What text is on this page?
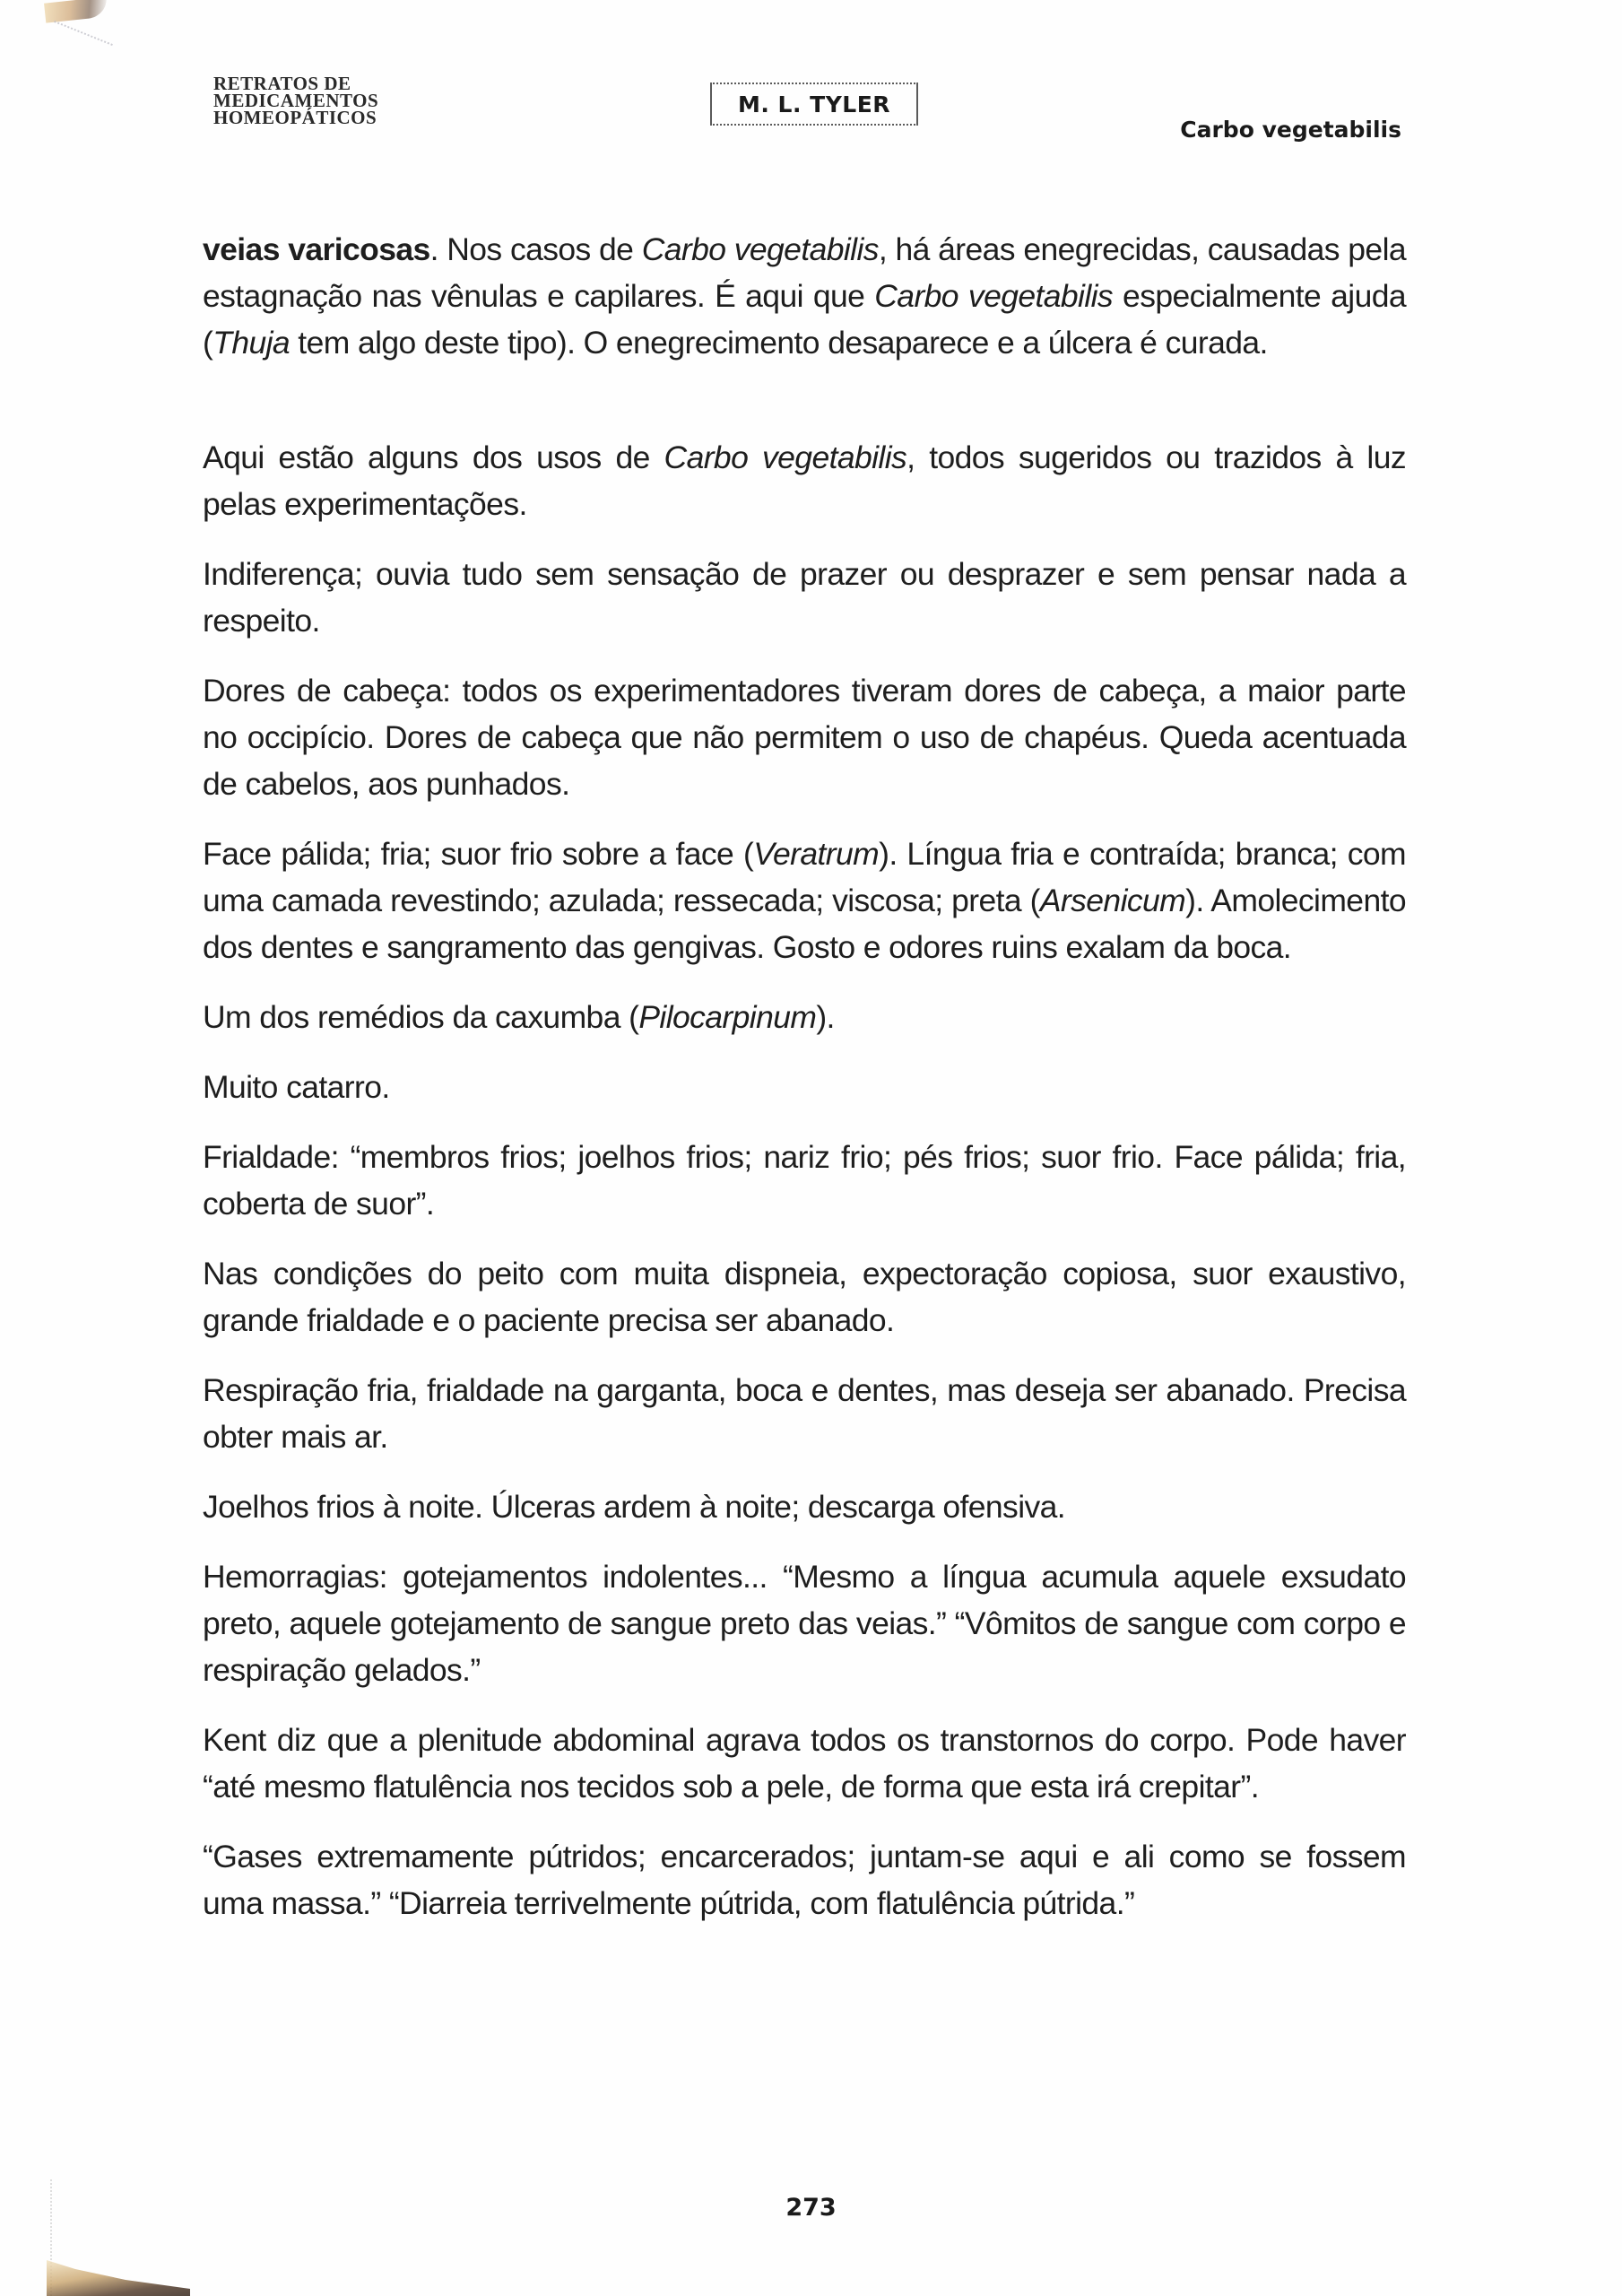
RETRATOS DE
MEDICAMENTOS
HOMEOPÁTICOS
M. L. TYLER
Carbo vegetabilis

veias varicosas. Nos casos de Carbo vegetabilis, há áreas enegrecidas, causadas pela estagnação nas vênulas e capilares. É aqui que Carbo vegetabilis especialmente ajuda (Thuja tem algo deste tipo). O enegrecimento desaparece e a úlcera é curada.

Aqui estão alguns dos usos de Carbo vegetabilis, todos sugeridos ou trazidos à luz pelas experimentações.

Indiferença; ouvia tudo sem sensação de prazer ou desprazer e sem pensar nada a respeito.

Dores de cabeça: todos os experimentadores tiveram dores de cabeça, a maior parte no occipício. Dores de cabeça que não permitem o uso de chapéus. Queda acentuada de cabelos, aos punhados.

Face pálida; fria; suor frio sobre a face (Veratrum). Língua fria e contraída; branca; com uma camada revestindo; azulada; ressecada; viscosa; preta (Arsenicum). Amolecimento dos dentes e sangramento das gengivas. Gosto e odores ruins exalam da boca.

Um dos remédios da caxumba (Pilocarpinum).

Muito catarro.

Frialdade: “membros frios; joelhos frios; nariz frio; pés frios; suor frio. Face pálida; fria, coberta de suor”.

Nas condições do peito com muita dispneia, expectoração copiosa, suor exaustivo, grande frialdade e o paciente precisa ser abanado.

Respiração fria, frialdade na garganta, boca e dentes, mas deseja ser abanado. Precisa obter mais ar.

Joelhos frios à noite. Úlceras ardem à noite; descarga ofensiva.

Hemorragias: gotejamentos indolentes... “Mesmo a língua acumula aquele exsudato preto, aquele gotejamento de sangue preto das veias.” “Vômitos de sangue com corpo e respiração gelados.”

Kent diz que a plenitude abdominal agrava todos os transtornos do corpo. Pode haver “até mesmo flatulência nos tecidos sob a pele, de forma que esta irá crepitar”.

“Gases extremamente pútridos; encarcerados; juntam-se aqui e ali como se fossem uma massa.” “Diarreia terrivelmente pútrida, com flatulência pútrida.”

273
